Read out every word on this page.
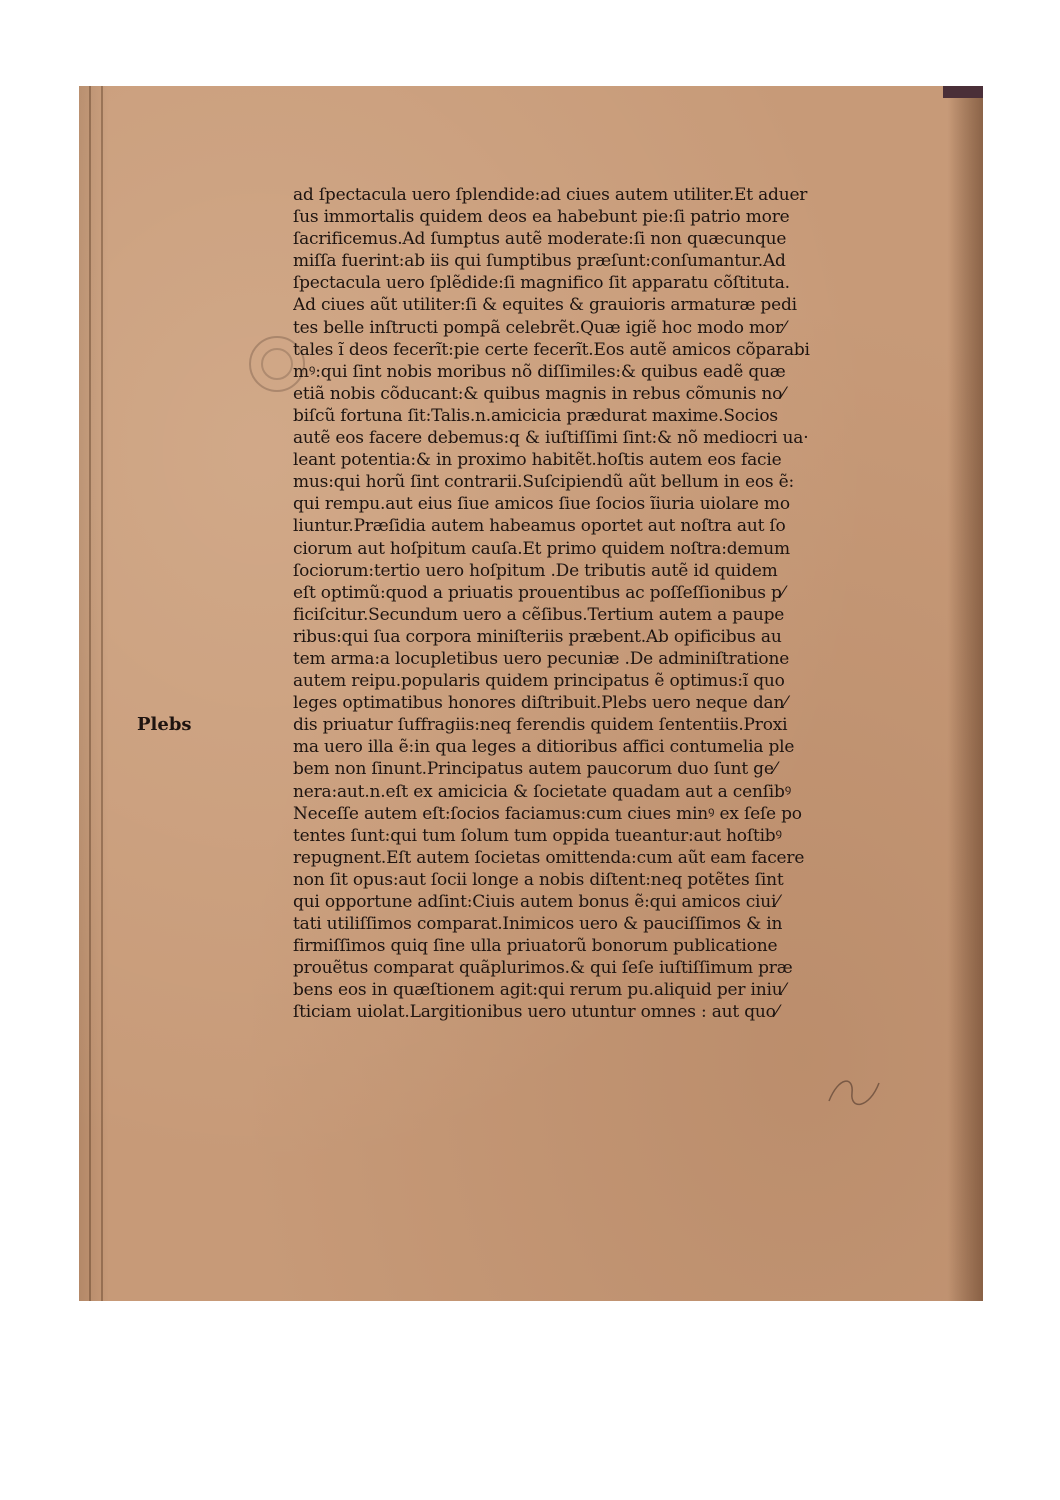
Plebs
ad ſpectacula uero ſplendide:ad ciues autem utiliter.Et aduer
ſus immortalis quidem deos ea habebunt pie:ſi patrio more
ſacrificemus.Ad ſumptus autẽ moderate:ſi non quæcunque
miſſa fuerint:ab iis qui ſumptibus præſunt:conſumantur.Ad
ſpectacula uero ſplẽdide:ſi magnifico ſit apparatu cõſtituta.
Ad ciues aũt utiliter:ſi & equites & grauioris armaturæ pedi
tes belle inſtructi pompã celebrẽt.Quæ igiẽ hoc modo mor⁄
tales ĩ deos fecerĩt:pie certe fecerĩt.Eos autẽ amicos cõparabi
mꝰ:qui ſint nobis moribus nõ diſſimiles:& quibus eadẽ quæ
etiã nobis cõducant:& quibus magnis in rebus cõmunis no⁄
biſcũ fortuna ſit:Talis.n.amicicia prædurat maxime.Socios
autẽ eos facere debemus:q & iuſtiſſimi ſint:& nõ mediocri ua·
leant potentia:& in proximo habitẽt.hoſtis autem eos facie
mus:qui horũ ſint contrarii.Suſcipiendũ aũt bellum in eos ẽ:
qui rempu.aut eius ſiue amicos ſiue ſocios ĩiuria uiolare mo
liuntur.Præſidia autem habeamus oportet aut noſtra aut ſo
ciorum aut hoſpitum cauſa.Et primo quidem noſtra:demum
ſociorum:tertio uero hoſpitum .De tributis autẽ id quidem
eſt optimũ:quod a priuatis prouentibus ac poſſeſſionibus p⁄
ficiſcitur.Secundum uero a cẽſibus.Tertium autem a paupe
ribus:qui ſua corpora miniſteriis præbent.Ab opificibus au
tem arma:a locupletibus uero pecuniæ .De adminiſtratione
autem reipu.popularis quidem principatus ẽ optimus:ĩ quo
leges optimatibus honores diſtribuit.Plebs uero neque dan⁄
dis priuatur ſuffragiis:neq ferendis quidem ſententiis.Proxi
ma uero illa ẽ:in qua leges a ditioribus affici contumelia ple
bem non ſinunt.Principatus autem paucorum duo ſunt ge⁄
nera:aut.n.eſt ex amicicia & ſocietate quadam aut a cenſibꝰ
Neceſſe autem eſt:ſocios faciamus:cum ciues minꝰ ex ſeſe po
tentes ſunt:qui tum ſolum tum oppida tueantur:aut hoſtibꝰ
repugnent.Eſt autem ſocietas omittenda:cum aũt eam facere
non ſit opus:aut ſocii longe a nobis diſtent:neq potẽtes ſint
qui opportune adſint:Ciuis autem bonus ẽ:qui amicos ciui⁄
tati utiliſſimos comparat.Inimicos uero & pauciſſimos & in
firmiſſimos quiq ſine ulla priuatorũ bonorum publicatione
prouẽtus comparat quãplurimos.& qui ſeſe iuſtiſſimum præ
bens eos in quæſtionem agit:qui rerum pu.aliquid per iniu⁄
ſticiam uiolat.Largitionibus uero utuntur omnes : aut quo⁄
